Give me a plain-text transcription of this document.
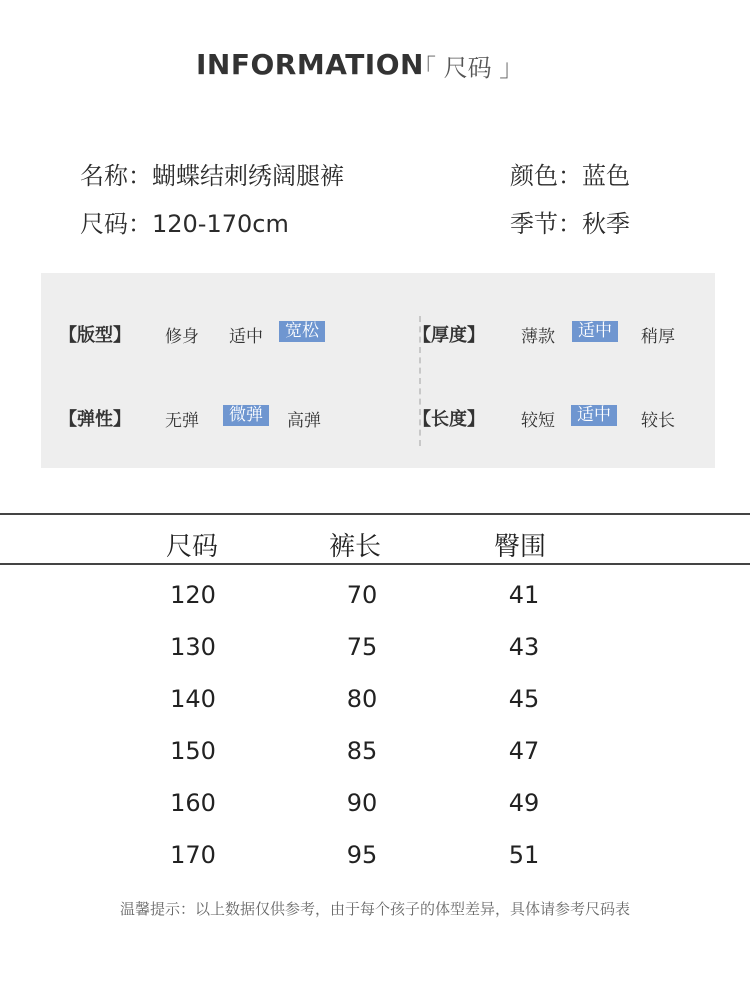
INFORMATION
「 尺码 」
名称：蝴蝶结刺绣阔腿裤	颜色：蓝色
尺码：120-170cm	季节：秋季
【版型】 修身 适中	宽松	【厚度】 薄款	适中	稍厚
【弹性】 无弹	微弹	高弹	【长度】 较短	适中	较长
尺码	裤长	臀围
120	70	41
130	75	43
140	80	45
150	85	47
160	90	49
170	95	51
温馨提示：以上数据仅供参考，由于每个孩子的体型差异，具体请参考尺码表
